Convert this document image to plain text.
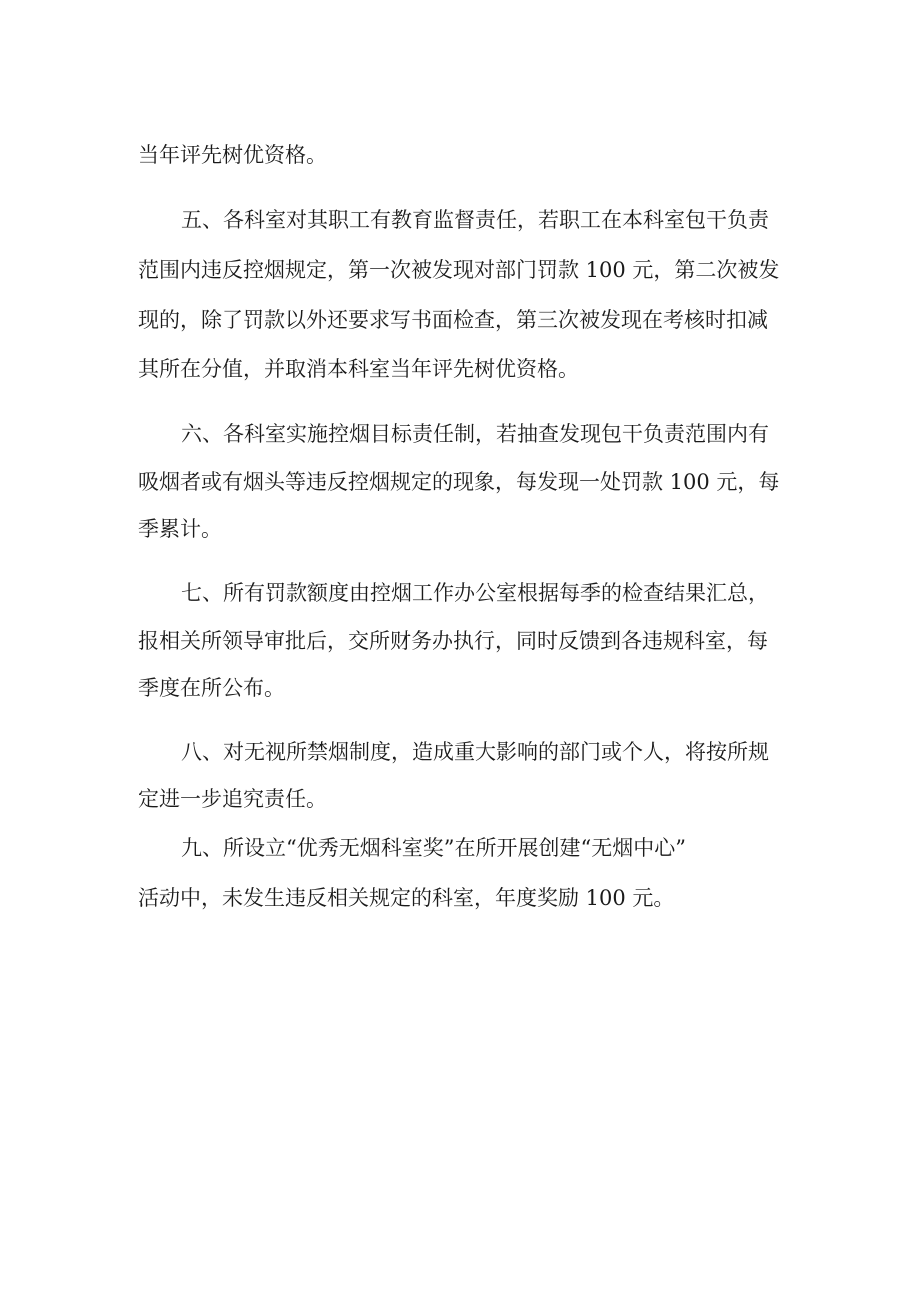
当年评先树优资格。

五、各科室对其职工有教育监督责任，若职工在本科室包干负责

范围内违反控烟规定，第一次被发现对部门罚款 100 元，第二次被发

现的，除了罚款以外还要求写书面检查，第三次被发现在考核时扣减

其所在分值，并取消本科室当年评先树优资格。

六、各科室实施控烟目标责任制，若抽查发现包干负责范围内有

吸烟者或有烟头等违反控烟规定的现象，每发现一处罚款 100 元，每

季累计。

七、所有罚款额度由控烟工作办公室根据每季的检查结果汇总，

报相关所领导审批后，交所财务办执行，同时反馈到各违规科室，每

季度在所公布。

八、对无视所禁烟制度，造成重大影响的部门或个人，将按所规

定进一步追究责任。

九、所设立“优秀无烟科室奖”在所开展创建“无烟中心”

活动中，未发生违反相关规定的科室，年度奖励 100 元。
